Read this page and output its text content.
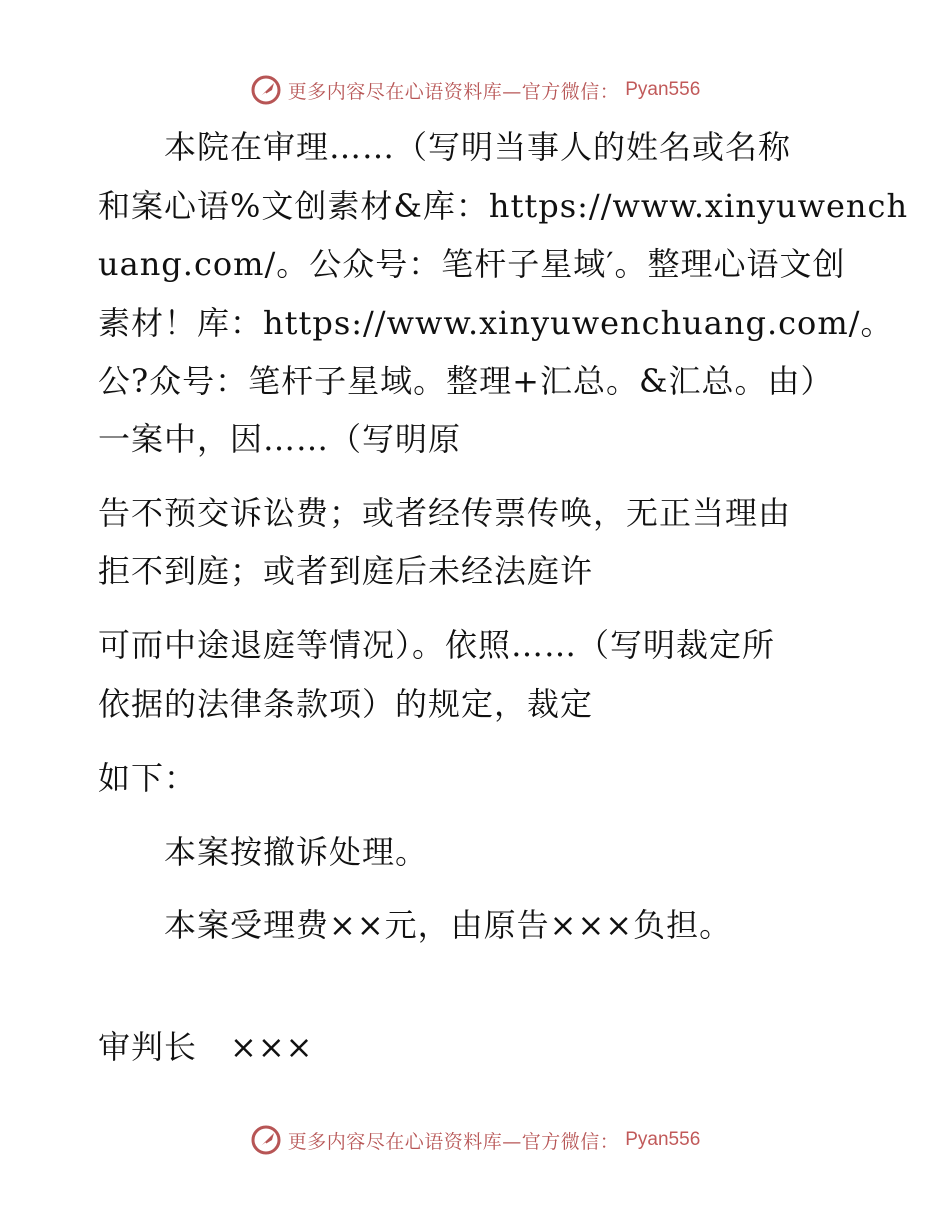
更多内容尽在心语资料库—官方微信： Pyan556
　　本院在审理……（写明当事人的姓名或名称
和案心语%文创素材&库：https://www.xinyuwench
uang.com/。公众号：笔杆子星域′。整理心语文创
素材！库：https://www.xinyuwenchuang.com/。
公?众号：笔杆子星域。整理+汇总。&汇总。由）
一案中，因……（写明原
告不预交诉讼费；或者经传票传唤，无正当理由
拒不到庭；或者到庭后未经法庭许
可而中途退庭等情况）。依照……（写明裁定所
依据的法律条款项）的规定，裁定
如下：
　　本案按撤诉处理。
　　本案受理费××元，由原告×××负担。
审判长　×××
更多内容尽在心语资料库—官方微信： Pyan556
